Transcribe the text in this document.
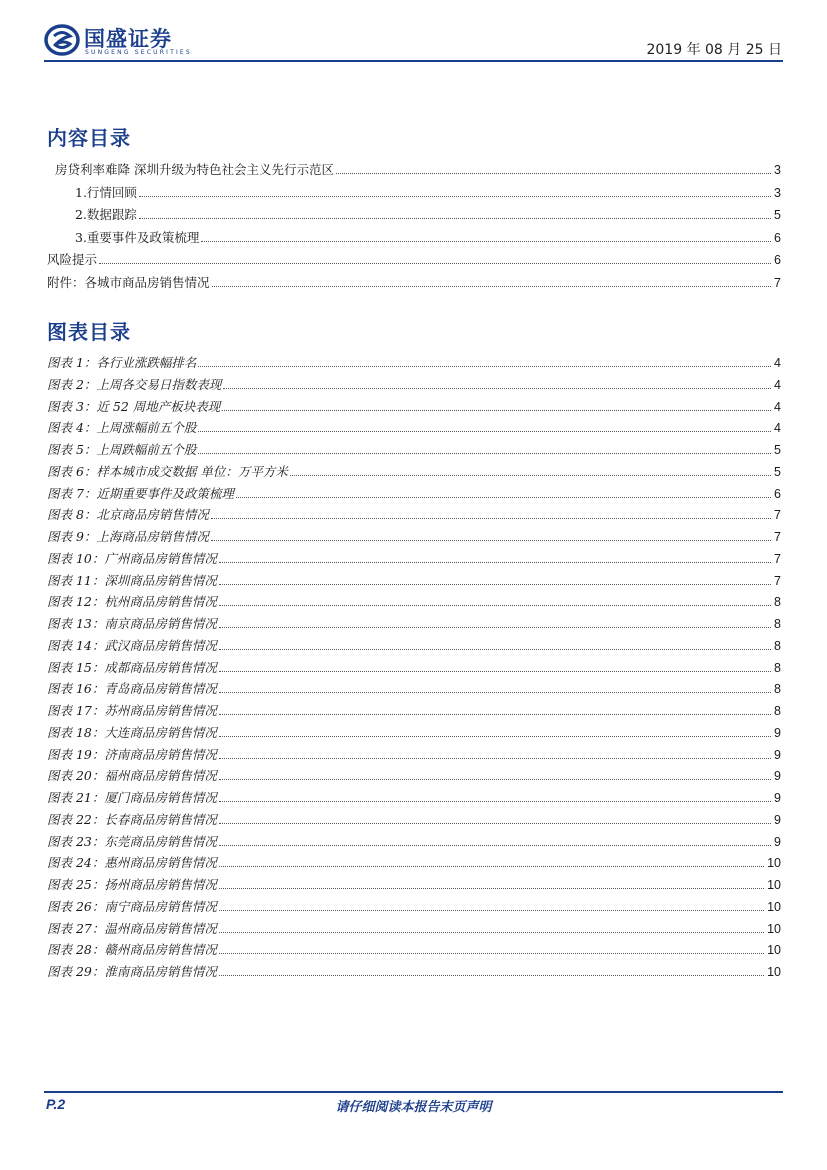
国盛证券
SUNGENG SECURITIES	2019 年 08 月 25 日
内容目录
房贷利率难降 深圳升级为特色社会主义先行示范区	3
1.行情回顾	3
2.数据跟踪	5
3.重要事件及政策梳理	6
风险提示	6
附件：各城市商品房销售情况	7
图表目录
图表 1：各行业涨跌幅排名	4
图表 2：上周各交易日指数表现	4
图表 3：近 52 周地产板块表现	4
图表 4：上周涨幅前五个股	4
图表 5：上周跌幅前五个股	5
图表 6：样本城市成交数据 单位：万平方米	5
图表 7：近期重要事件及政策梳理	6
图表 8：北京商品房销售情况	7
图表 9：上海商品房销售情况	7
图表 10：广州商品房销售情况	7
图表 11：深圳商品房销售情况	7
图表 12：杭州商品房销售情况	8
图表 13：南京商品房销售情况	8
图表 14：武汉商品房销售情况	8
图表 15：成都商品房销售情况	8
图表 16：青岛商品房销售情况	8
图表 17：苏州商品房销售情况	8
图表 18：大连商品房销售情况	9
图表 19：济南商品房销售情况	9
图表 20：福州商品房销售情况	9
图表 21：厦门商品房销售情况	9
图表 22：长春商品房销售情况	9
图表 23：东莞商品房销售情况	9
图表 24：惠州商品房销售情况	10
图表 25：扬州商品房销售情况	10
图表 26：南宁商品房销售情况	10
图表 27：温州商品房销售情况	10
图表 28：赣州商品房销售情况	10
图表 29：淮南商品房销售情况	10
P.2	请仔细阅读本报告末页声明
